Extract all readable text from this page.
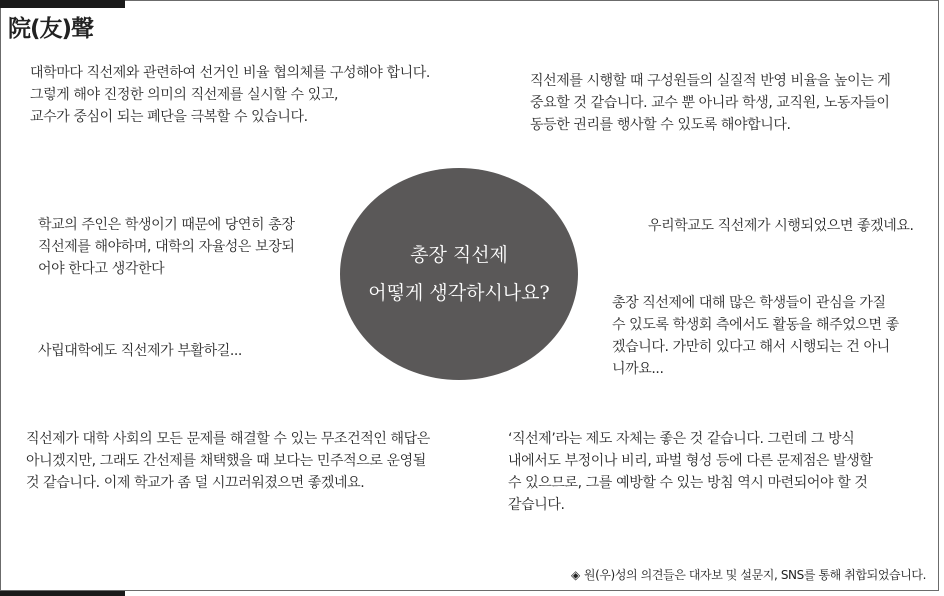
院(友)聲
대학마다 직선제와 관련하여 선거인 비율 협의체를 구성해야 합니다.
그렇게 해야 진정한 의미의 직선제를 실시할 수 있고,
교수가 중심이 되는 폐단을 극복할 수 있습니다.
직선제를 시행할 때 구성원들의 실질적 반영 비율을 높이는 게
중요할 것 같습니다. 교수 뿐 아니라 학생, 교직원, 노동자들이
동등한 권리를 행사할 수 있도록 해야합니다.
학교의 주인은 학생이기 때문에 당연히 총장
직선제를 해야하며, 대학의 자율성은 보장되
어야 한다고 생각한다
우리학교도 직선제가 시행되었으면 좋겠네요.
사립대학에도 직선제가 부활하길...
총장 직선제에 대해 많은 학생들이 관심을 가질
수 있도록 학생회 측에서도 활동을 해주었으면 좋
겠습니다. 가만히 있다고 해서 시행되는 건 아니
니까요...
직선제가 대학 사회의 모든 문제를 해결할 수 있는 무조건적인 해답은
아니겠지만, 그래도 간선제를 채택했을 때 보다는 민주적으로 운영될
것 같습니다. 이제 학교가 좀 덜 시끄러워졌으면 좋겠네요.
‘직선제’라는 제도 자체는 좋은 것 같습니다. 그런데 그 방식
내에서도 부정이나 비리, 파벌 형성 등에 다른 문제점은 발생할
수 있으므로, 그를 예방할 수 있는 방침 역시 마련되어야 할 것
같습니다.
총장 직선제
어떻게 생각하시나요?
◈ 원(우)성의 의견들은 대자보 및 설문지, SNS를 통해 취합되었습니다.
